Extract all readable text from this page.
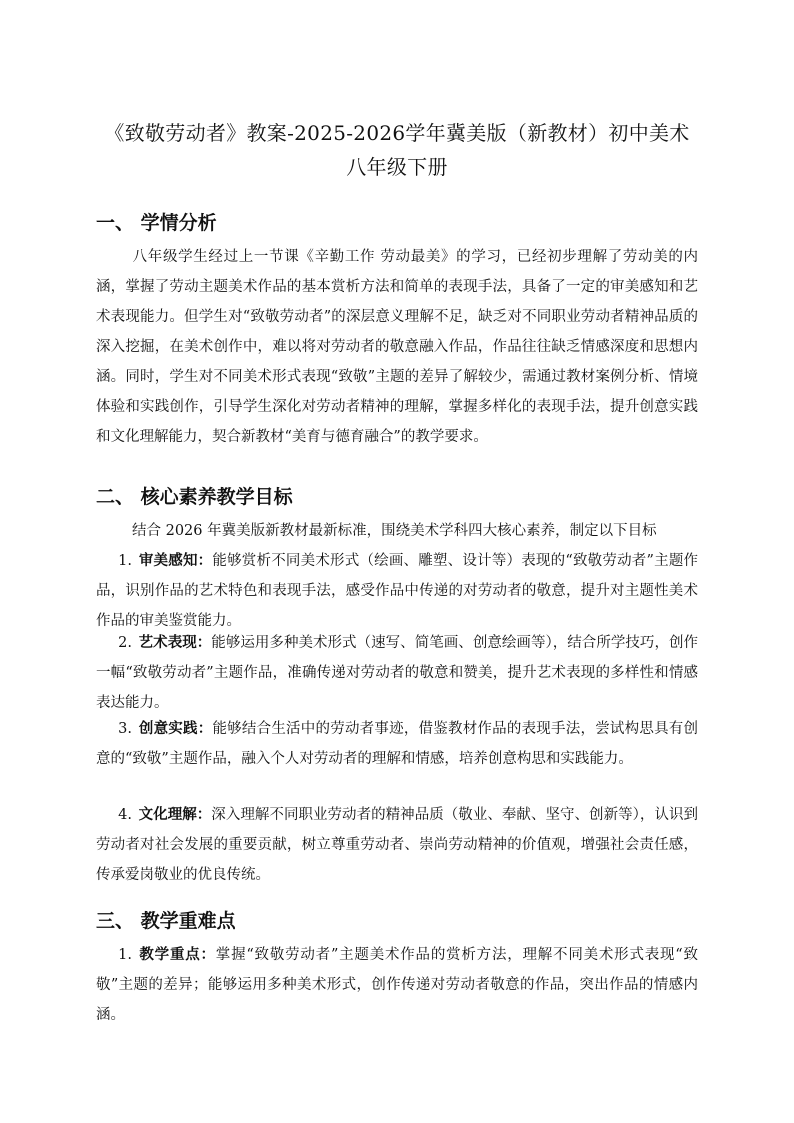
《致敬劳动者》教案-2025-2026学年冀美版（新教材）初中美术
八年级下册
一、 学情分析
八年级学生经过上一节课《辛勤工作 劳动最美》的学习，已经初步理解了劳动美的内涵，掌握了劳动主题美术作品的基本赏析方法和简单的表现手法，具备了一定的审美感知和艺术表现能力。但学生对“致敬劳动者”的深层意义理解不足，缺乏对不同职业劳动者精神品质的深入挖掘，在美术创作中，难以将对劳动者的敬意融入作品，作品往往缺乏情感深度和思想内涵。同时，学生对不同美术形式表现“致敬”主题的差异了解较少，需通过教材案例分析、情境体验和实践创作，引导学生深化对劳动者精神的理解，掌握多样化的表现手法，提升创意实践和文化理解能力，契合新教材“美育与德育融合”的教学要求。
二、 核心素养教学目标
结合 2026 年冀美版新教材最新标准，围绕美术学科四大核心素养，制定以下目标
1. 审美感知：能够赏析不同美术形式（绘画、雕塑、设计等）表现的“致敬劳动者”主题作品，识别作品的艺术特色和表现手法，感受作品中传递的对劳动者的敬意，提升对主题性美术作品的审美鉴赏能力。
2. 艺术表现：能够运用多种美术形式（速写、简笔画、创意绘画等），结合所学技巧，创作一幅“致敬劳动者”主题作品，准确传递对劳动者的敬意和赞美，提升艺术表现的多样性和情感表达能力。
3. 创意实践：能够结合生活中的劳动者事迹，借鉴教材作品的表现手法，尝试构思具有创意的“致敬”主题作品，融入个人对劳动者的理解和情感，培养创意构思和实践能力。
4. 文化理解：深入理解不同职业劳动者的精神品质（敬业、奉献、坚守、创新等），认识到劳动者对社会发展的重要贡献，树立尊重劳动者、崇尚劳动精神的价值观，增强社会责任感，传承爱岗敬业的优良传统。
三、 教学重难点
1. 教学重点：掌握“致敬劳动者”主题美术作品的赏析方法，理解不同美术形式表现“致敬”主题的差异；能够运用多种美术形式，创作传递对劳动者敬意的作品，突出作品的情感内涵。
